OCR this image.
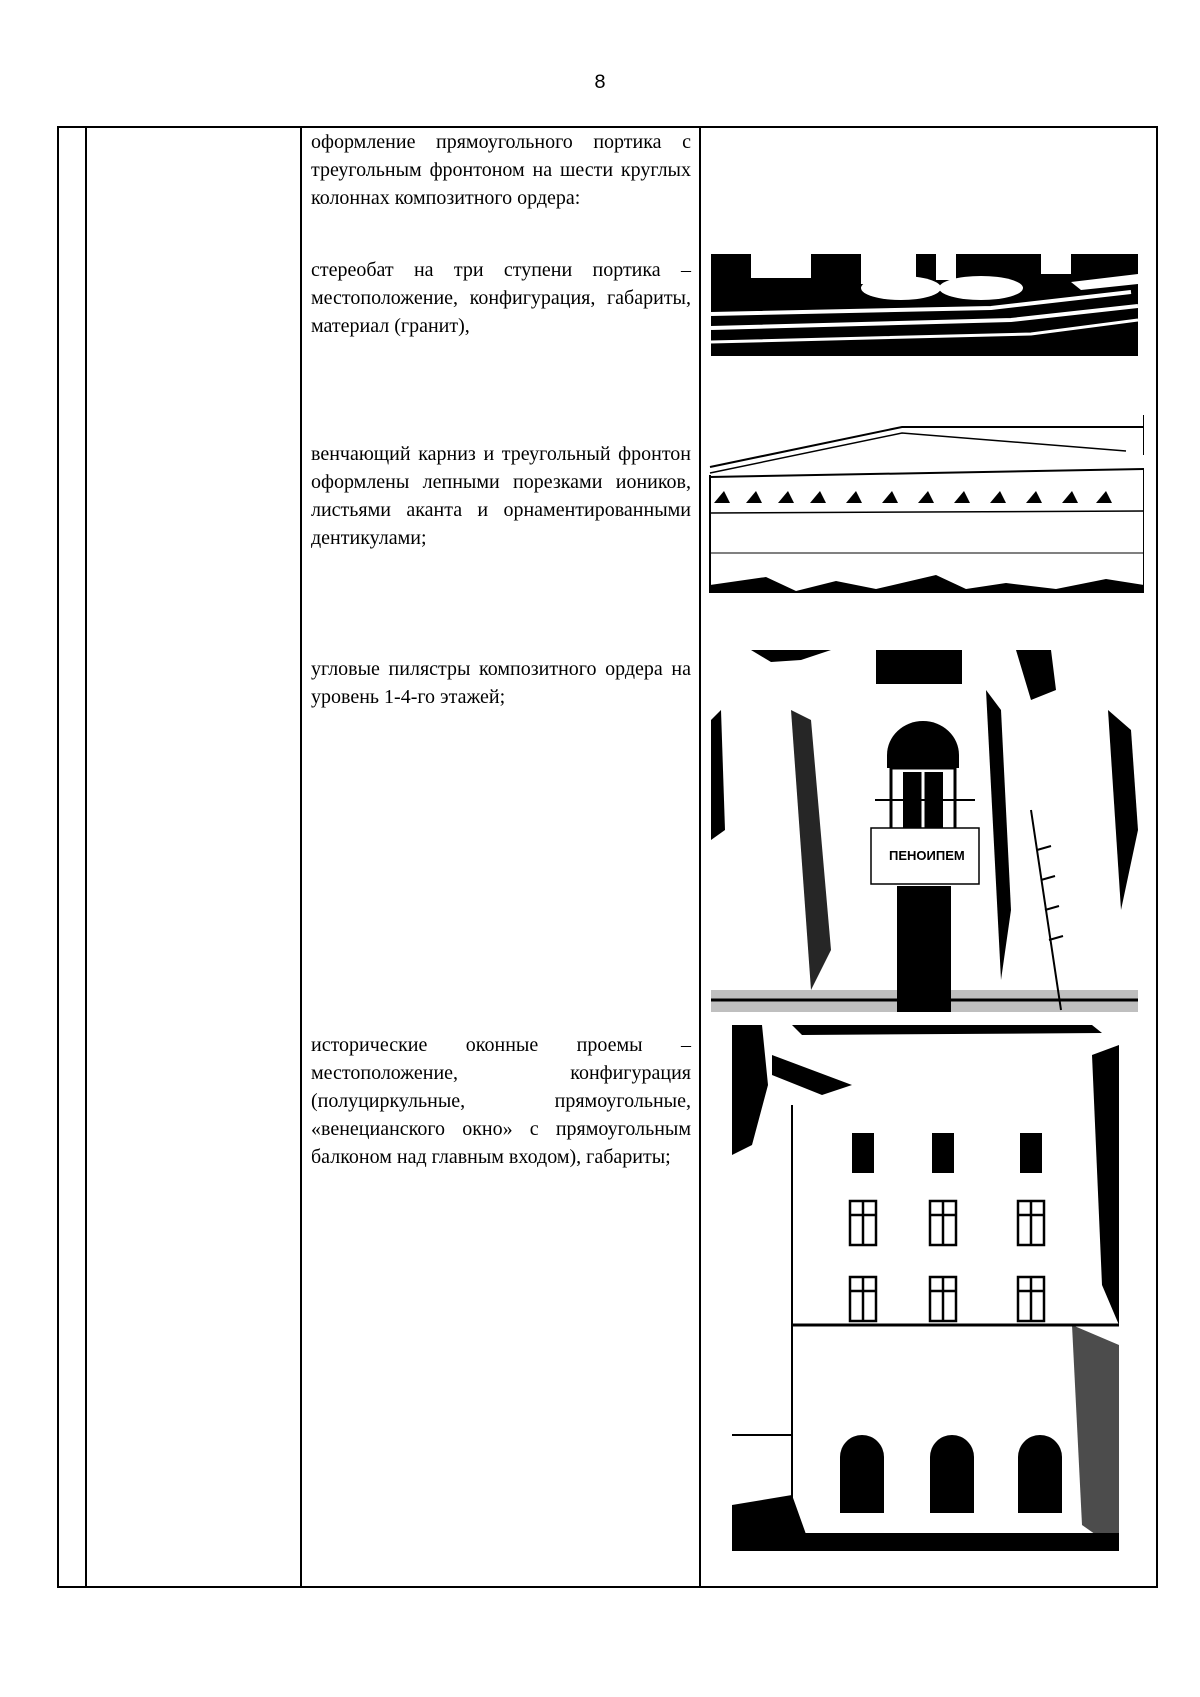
8
оформление прямоугольного портика с треугольным фронтоном на шести круглых колоннах композитного ордера:
стереобат на три ступени портика – местоположение, конфигурация, габариты, материал (гранит),
венчающий карниз и треугольный фронтон оформлены лепными порезками иоников, листьями аканта и орнаментированными дентикулами;
угловые пилястры композитного ордера на уровень 1-4-го этажей;
исторические оконные проемы – местоположение, конфигурация (полуциркульные, прямоугольные, «венецианского окно» с прямоугольным балконом над главным входом), габариты;
ПЕНОИПЕМ
